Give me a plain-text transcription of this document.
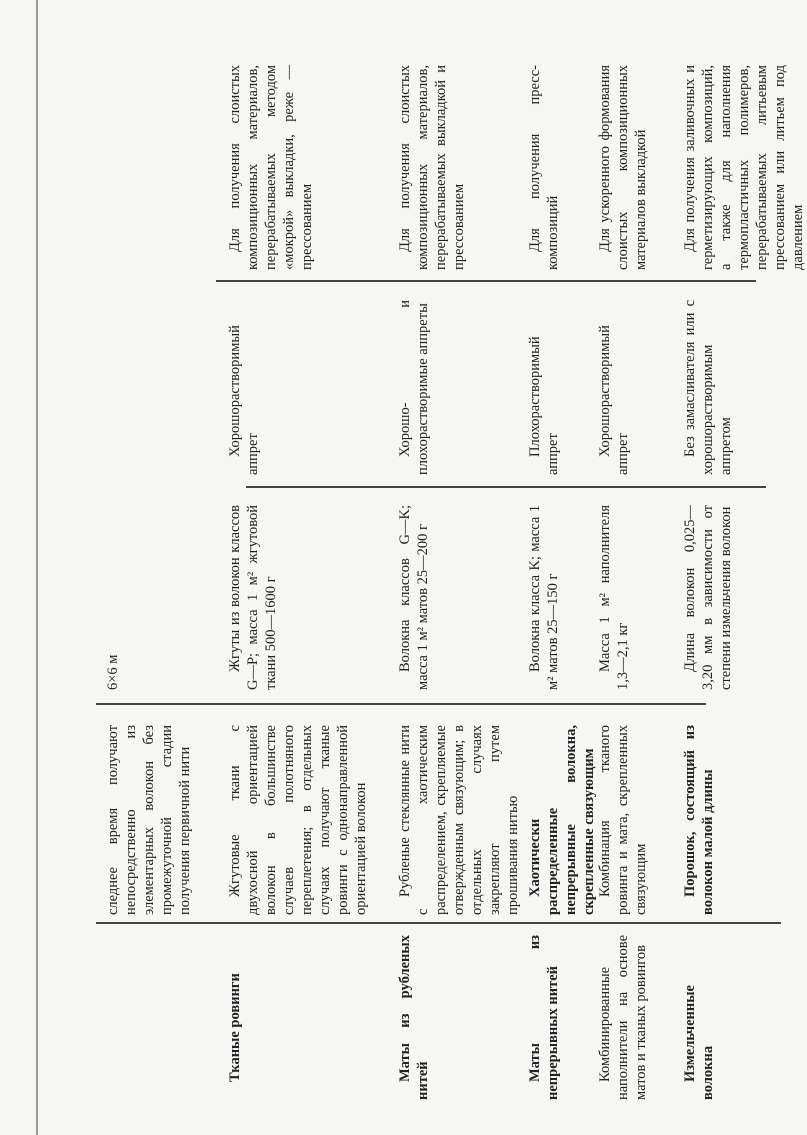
следнее время получают непосредственно из элементарных волокон без промежуточной стадии получения первичной нити
6×6 м
Тканые ровинги
Жгутовые ткани с двухосной ориентацией волокон в большинстве случаев полотняного переплетения; в отдельных случаях получают тканые ровинги с однонаправленной ориентацией волокон
Жгуты из волокон классов G—P; масса 1 м² жгутовой ткани 500—1600 г
Хорошорастворимый аппрет
Для получения слоистых композиционных материалов, перерабатываемых методом «мокрой» выкладки, реже — прессованием
Маты из рубленых нитей
Рубленые стеклянные нити с хаотическим распределением, скрепляемые отвержденным связующим; в отдельных случаях закрепляют путем прошивания нитью
Волокна классов G—K; масса 1 м² матов 25—200 г
Хорошо- и плохорастворимые аппреты
Для получения слоистых композиционных материалов, перерабатываемых выкладкой и прессованием
Маты из непрерывных нитей
Хаотически распределенные непрерывные волокна, скрепленные связующим
Волокна класса K; масса 1 м² матов 25—150 г
Плохорастворимый аппрет
Для получения пресс-композиций
Комбинированные наполнители на основе матов и тканых ровингов
Комбинация тканого ровинга и мата, скрепленных связующим
Масса 1 м² наполнителя 1,3—2,1 кг
Хорошорастворимый аппрет
Для ускоренного формования слоистых композиционных материалов выкладкой
Измельченные волокна
Порошок, состоящий из волокон малой длины
Длина волокон 0,025—3,20 мм в зависимости от степени измельчения волокон
Без замасливателя или с хорошорастворимым аппретом
Для получения заливочных и герметизирующих композиций, а также для наполнения термопластичных полимеров, перерабатываемых литьевым прессованием или литьем под давлением
